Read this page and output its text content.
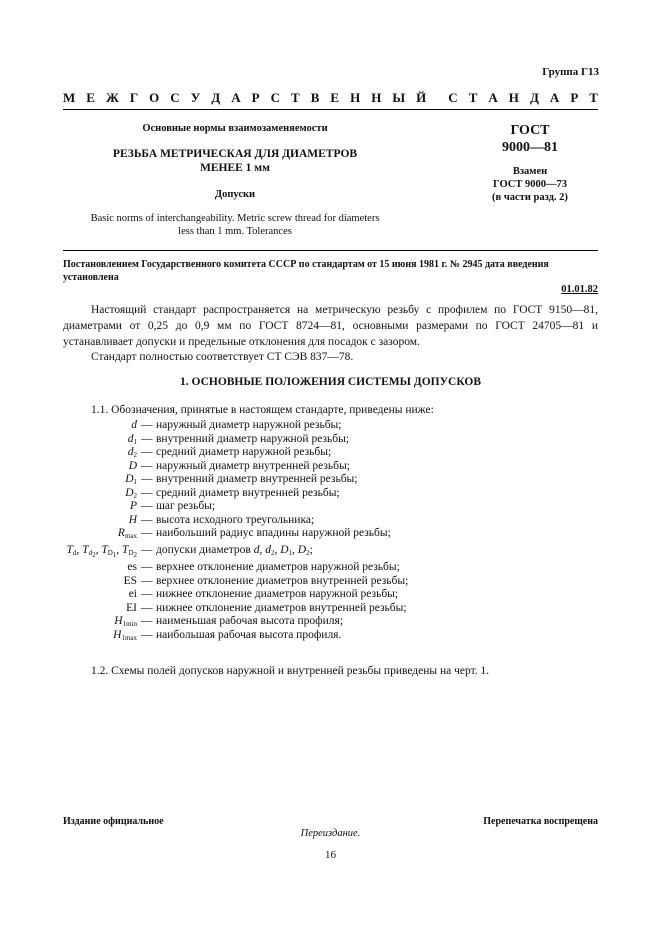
Группа Г13
М Е Ж Г О С У Д А Р С Т В Е Н Н Ы Й С Т А Н Д А Р Т
Основные нормы взаимозаменяемости
РЕЗЬБА МЕТРИЧЕСКАЯ ДЛЯ ДИАМЕТРОВ
МЕНЕЕ 1 мм
Допуски
Basic norms of interchangeability. Metric screw thread for diameters
less than 1 mm. Tolerances
ГОСТ
9000—81
Взамен
ГОСТ 9000—73
(в части разд. 2)
Постановлением Государственного комитета СССР по стандартам от 15 июня 1981 г. № 2945 дата введения установлена
01.01.82
Настоящий стандарт распространяется на метрическую резьбу с профилем по ГОСТ 9150—81, диаметрами от 0,25 до 0,9 мм по ГОСТ 8724—81, основными размерами по ГОСТ 24705—81 и устанавливает допуски и предельные отклонения для посадок с зазором.
Стандарт полностью соответствует СТ СЭВ 837—78.
1. ОСНОВНЫЕ ПОЛОЖЕНИЯ СИСТЕМЫ ДОПУСКОВ
1.1. Обозначения, принятые в настоящем стандарте, приведены ниже:
d — наружный диаметр наружной резьбы;
$d_1$ — внутренний диаметр наружной резьбы;
$d_2$ — средний диаметр наружной резьбы;
D — наружный диаметр внутренней резьбы;
$D_1$ — внутренний диаметр внутренней резьбы;
$D_2$ — средний диаметр внутренней резьбы;
P — шаг резьбы;
H — высота исходного треугольника;
$R_{max}$ — наибольший радиус впадины наружной резьбы;
$T_d$, $T_{d_2}$, $T_{D_1}$, $T_{D_2}$ — допуски диаметров d, $d_2$, $D_1$, $D_2$;
es — верхнее отклонение диаметров наружной резьбы;
ES — верхнее отклонение диаметров внутренней резьбы;
ei — нижнее отклонение диаметров наружной резьбы;
EI — нижнее отклонение диаметров внутренней резьбы;
$H_{1min}$ — наименьшая рабочая высота профиля;
$H_{1max}$ — наибольшая рабочая высота профиля.
1.2. Схемы полей допусков наружной и внутренней резьбы приведены на черт. 1.
Издание официальное	Перепечатка воспрещена
Переиздание.
16
